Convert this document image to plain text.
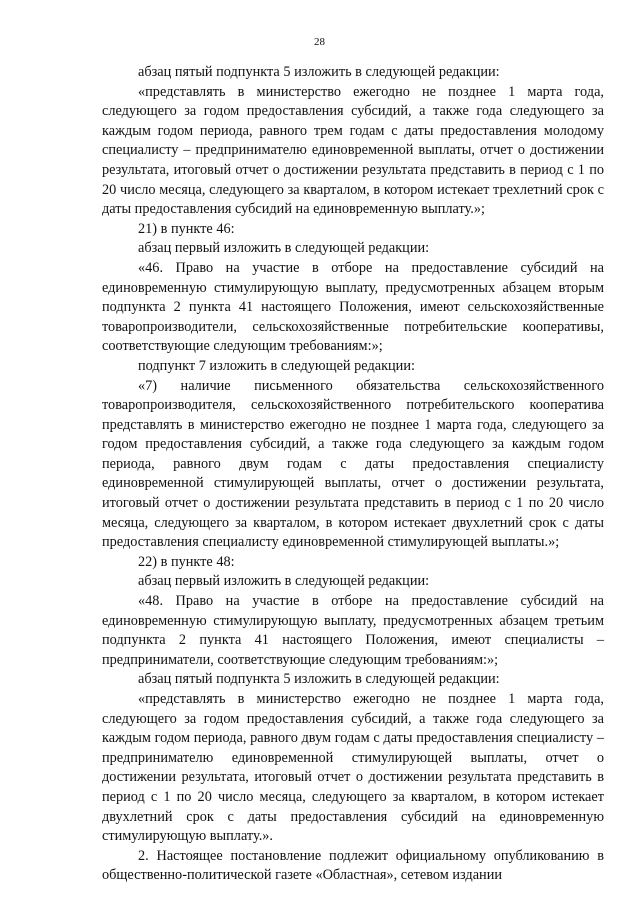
28

абзац пятый подпункта 5 изложить в следующей редакции:

«представлять в министерство ежегодно не позднее 1 марта года, следующего за годом предоставления субсидий, а также года следующего за каждым годом периода, равного трем годам с даты предоставления молодому специалисту – предпринимателю единовременной выплаты, отчет о достижении результата, итоговый отчет о достижении результата представить в период с 1 по 20 число месяца, следующего за кварталом, в котором истекает трехлетний срок с даты предоставления субсидий на единовременную выплату.»;

21) в пункте 46:

абзац первый изложить в следующей редакции:

«46. Право на участие в отборе на предоставление субсидий на единовременную стимулирующую выплату, предусмотренных абзацем вторым подпункта 2 пункта 41 настоящего Положения, имеют сельскохозяйственные товаропроизводители, сельскохозяйственные потребительские кооперативы, соответствующие следующим требованиям:»;

подпункт 7 изложить в следующей редакции:

«7) наличие письменного обязательства сельскохозяйственного товаропроизводителя, сельскохозяйственного потребительского кооператива представлять в министерство ежегодно не позднее 1 марта года, следующего за годом предоставления субсидий, а также года следующего за каждым годом периода, равного двум годам с даты предоставления специалисту единовременной стимулирующей выплаты, отчет о достижении результата, итоговый отчет о достижении результата представить в период с 1 по 20 число месяца, следующего за кварталом, в котором истекает двухлетний срок с даты предоставления специалисту единовременной стимулирующей выплаты.»;

22) в пункте 48:

абзац первый изложить в следующей редакции:

«48. Право на участие в отборе на предоставление субсидий на единовременную стимулирующую выплату, предусмотренных абзацем третьим подпункта 2 пункта 41 настоящего Положения, имеют специалисты – предприниматели, соответствующие следующим требованиям:»;

абзац пятый подпункта 5 изложить в следующей редакции:

«представлять в министерство ежегодно не позднее 1 марта года, следующего за годом предоставления субсидий, а также года следующего за каждым годом периода, равного двум годам с даты предоставления специалисту – предпринимателю единовременной стимулирующей выплаты, отчет о достижении результата, итоговый отчет о достижении результата представить в период с 1 по 20 число месяца, следующего за кварталом, в котором истекает двухлетний срок с даты предоставления субсидий на единовременную стимулирующую выплату.».

2. Настоящее постановление подлежит официальному опубликованию в общественно-политической газете «Областная», сетевом издании
